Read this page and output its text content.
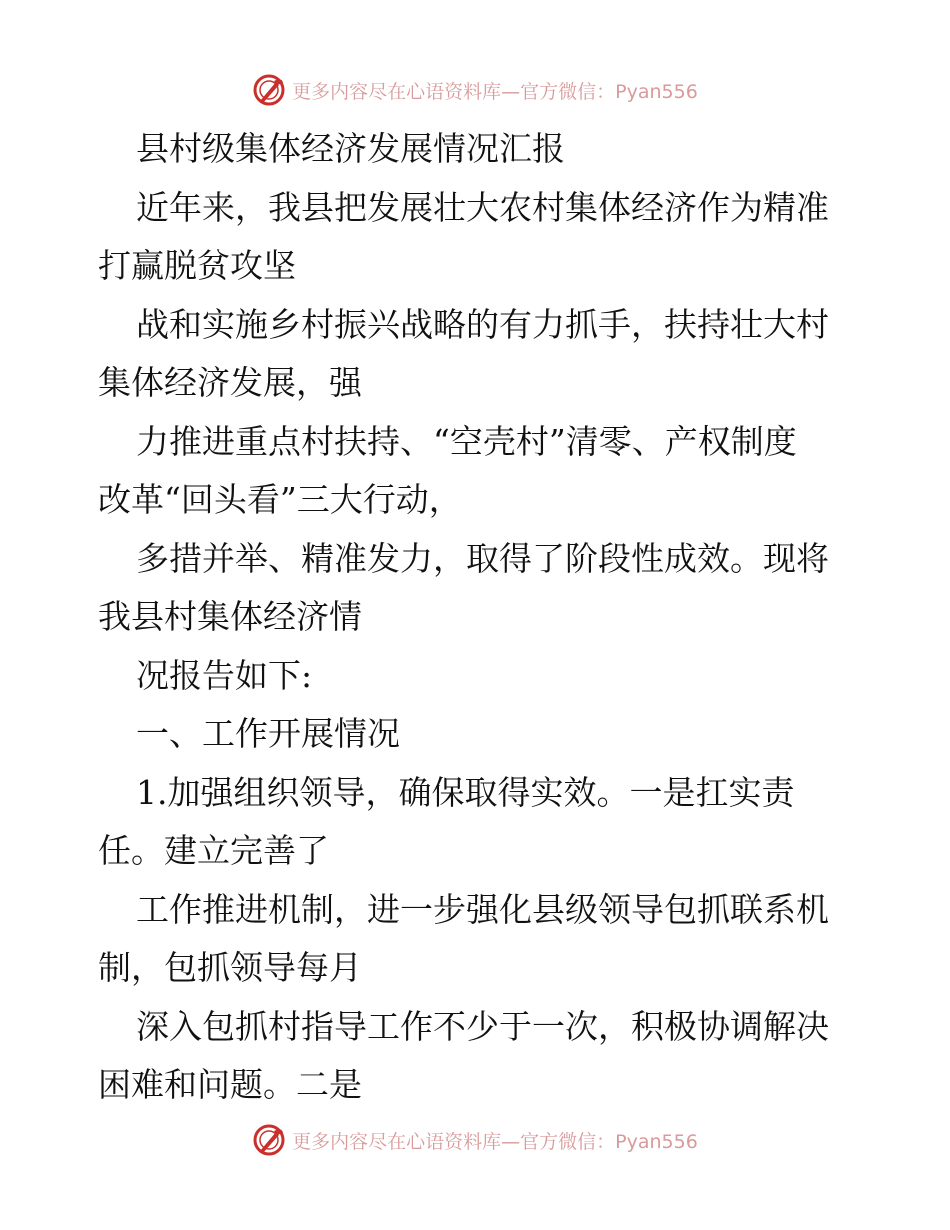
更多内容尽在心语资料库—官方微信：Pyan556
县村级集体经济发展情况汇报
近年来，我县把发展壮大农村集体经济作为精准
打赢脱贫攻坚
战和实施乡村振兴战略的有力抓手，扶持壮大村
集体经济发展，强
力推进重点村扶持、“空壳村”清零、产权制度
改革“回头看”三大行动，
多措并举、精准发力，取得了阶段性成效。现将
我县村集体经济情
况报告如下:
一、工作开展情况
1.加强组织领导，确保取得实效。一是扛实责
任。建立完善了
工作推进机制，进一步强化县级领导包抓联系机
制，包抓领导每月
深入包抓村指导工作不少于一次，积极协调解决
困难和问题。二是
更多内容尽在心语资料库—官方微信：Pyan556
